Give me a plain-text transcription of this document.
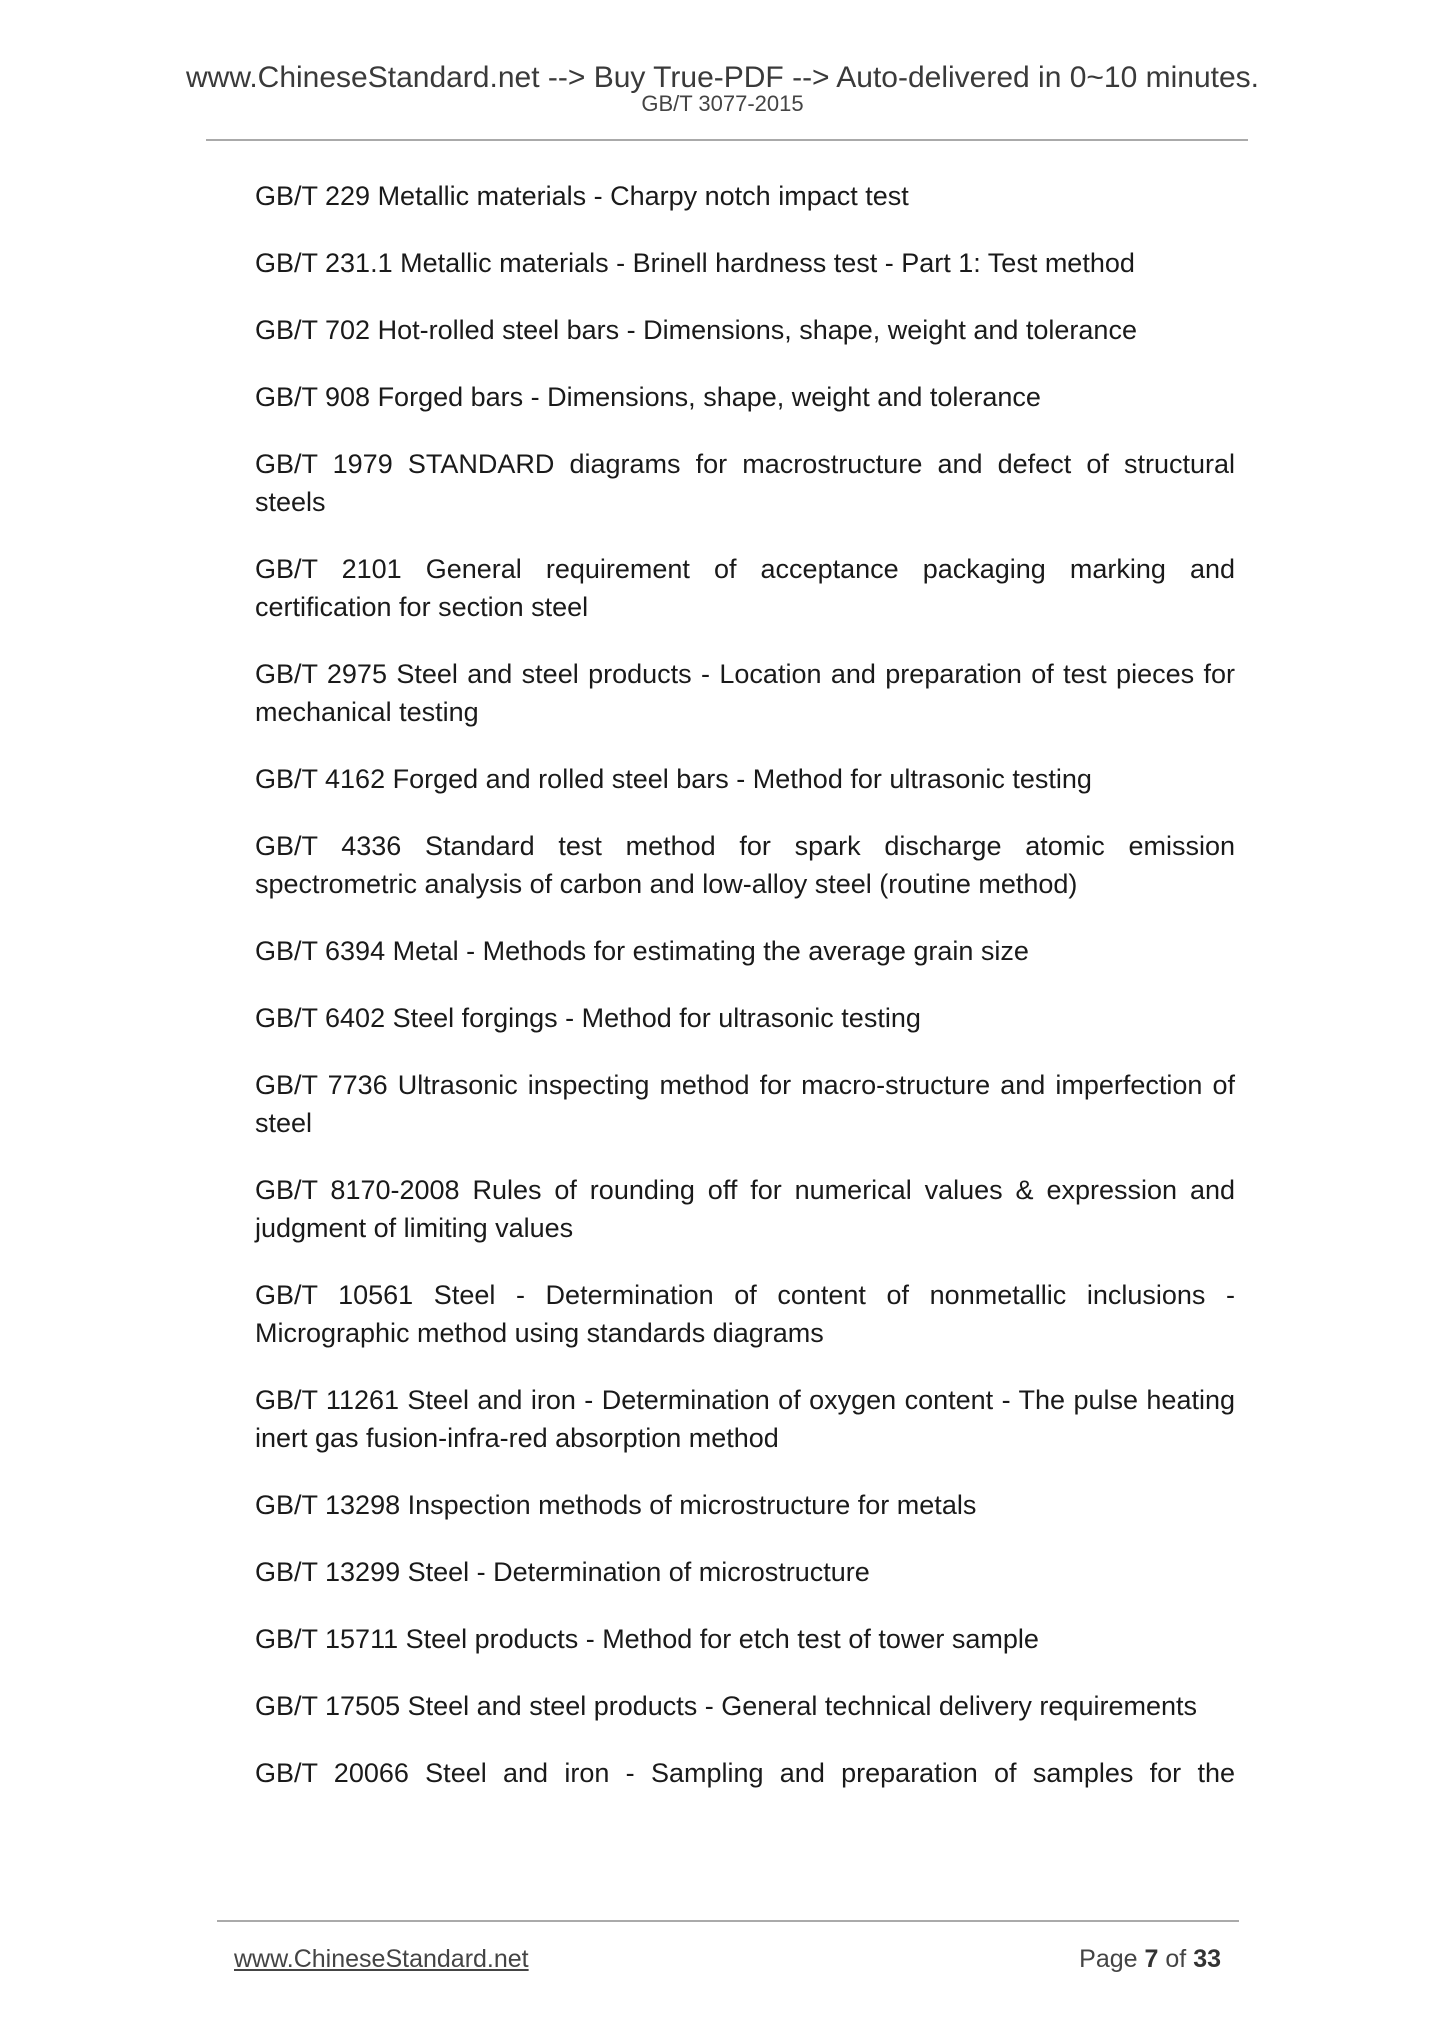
www.ChineseStandard.net --> Buy True-PDF --> Auto-delivered in 0~10 minutes.
GB/T 3077-2015

GB/T 229 Metallic materials - Charpy notch impact test

GB/T 231.1 Metallic materials - Brinell hardness test - Part 1: Test method

GB/T 702 Hot-rolled steel bars - Dimensions, shape, weight and tolerance

GB/T 908 Forged bars - Dimensions, shape, weight and tolerance

GB/T 1979 STANDARD diagrams for macrostructure and defect of structural steels

GB/T 2101 General requirement of acceptance packaging marking and certification for section steel

GB/T 2975 Steel and steel products - Location and preparation of test pieces for mechanical testing

GB/T 4162 Forged and rolled steel bars - Method for ultrasonic testing

GB/T 4336 Standard test method for spark discharge atomic emission spectrometric analysis of carbon and low-alloy steel (routine method)

GB/T 6394 Metal - Methods for estimating the average grain size

GB/T 6402 Steel forgings - Method for ultrasonic testing

GB/T 7736 Ultrasonic inspecting method for macro-structure and imperfection of steel

GB/T 8170-2008 Rules of rounding off for numerical values & expression and judgment of limiting values

GB/T 10561 Steel - Determination of content of nonmetallic inclusions - Micrographic method using standards diagrams

GB/T 11261 Steel and iron - Determination of oxygen content - The pulse heating inert gas fusion-infra-red absorption method

GB/T 13298 Inspection methods of microstructure for metals

GB/T 13299 Steel - Determination of microstructure

GB/T 15711 Steel products - Method for etch test of tower sample

GB/T 17505 Steel and steel products - General technical delivery requirements

GB/T 20066 Steel and iron - Sampling and preparation of samples for the

www.ChineseStandard.net	Page 7 of 33
